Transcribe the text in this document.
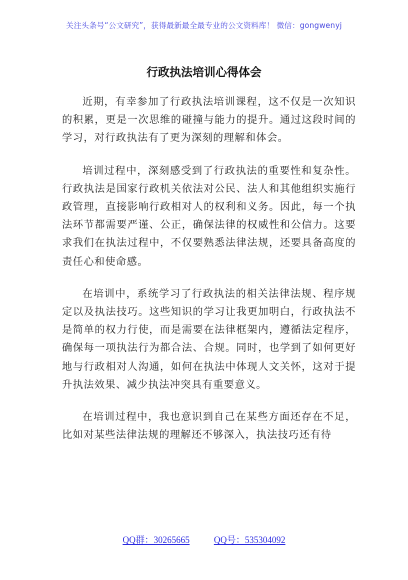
关注头条号“公文研究”，获得最新最全最专业的公文资料库！ 微信：gongwenyj
行政执法培训心得体会

近期，有幸参加了行政执法培训课程，这不仅是一次知识的积累，更是一次思维的碰撞与能力的提升。通过这段时间的学习，对行政执法有了更为深刻的理解和体会。

培训过程中，深刻感受到了行政执法的重要性和复杂性。行政执法是国家行政机关依法对公民、法人和其他组织实施行政管理，直接影响行政相对人的权利和义务。因此，每一个执法环节都需要严谨、公正，确保法律的权威性和公信力。这要求我们在执法过程中，不仅要熟悉法律法规，还要具备高度的责任心和使命感。

在培训中，系统学习了行政执法的相关法律法规、程序规定以及执法技巧。这些知识的学习让我更加明白，行政执法不是简单的权力行使，而是需要在法律框架内，遵循法定程序，确保每一项执法行为都合法、合规。同时，也学到了如何更好地与行政相对人沟通，如何在执法中体现人文关怀，这对于提升执法效果、减少执法冲突具有重要意义。

在培训过程中，我也意识到自己在某些方面还存在不足，比如对某些法律法规的理解还不够深入，执法技巧还有待

QQ群：30265665	QQ号：535304092
